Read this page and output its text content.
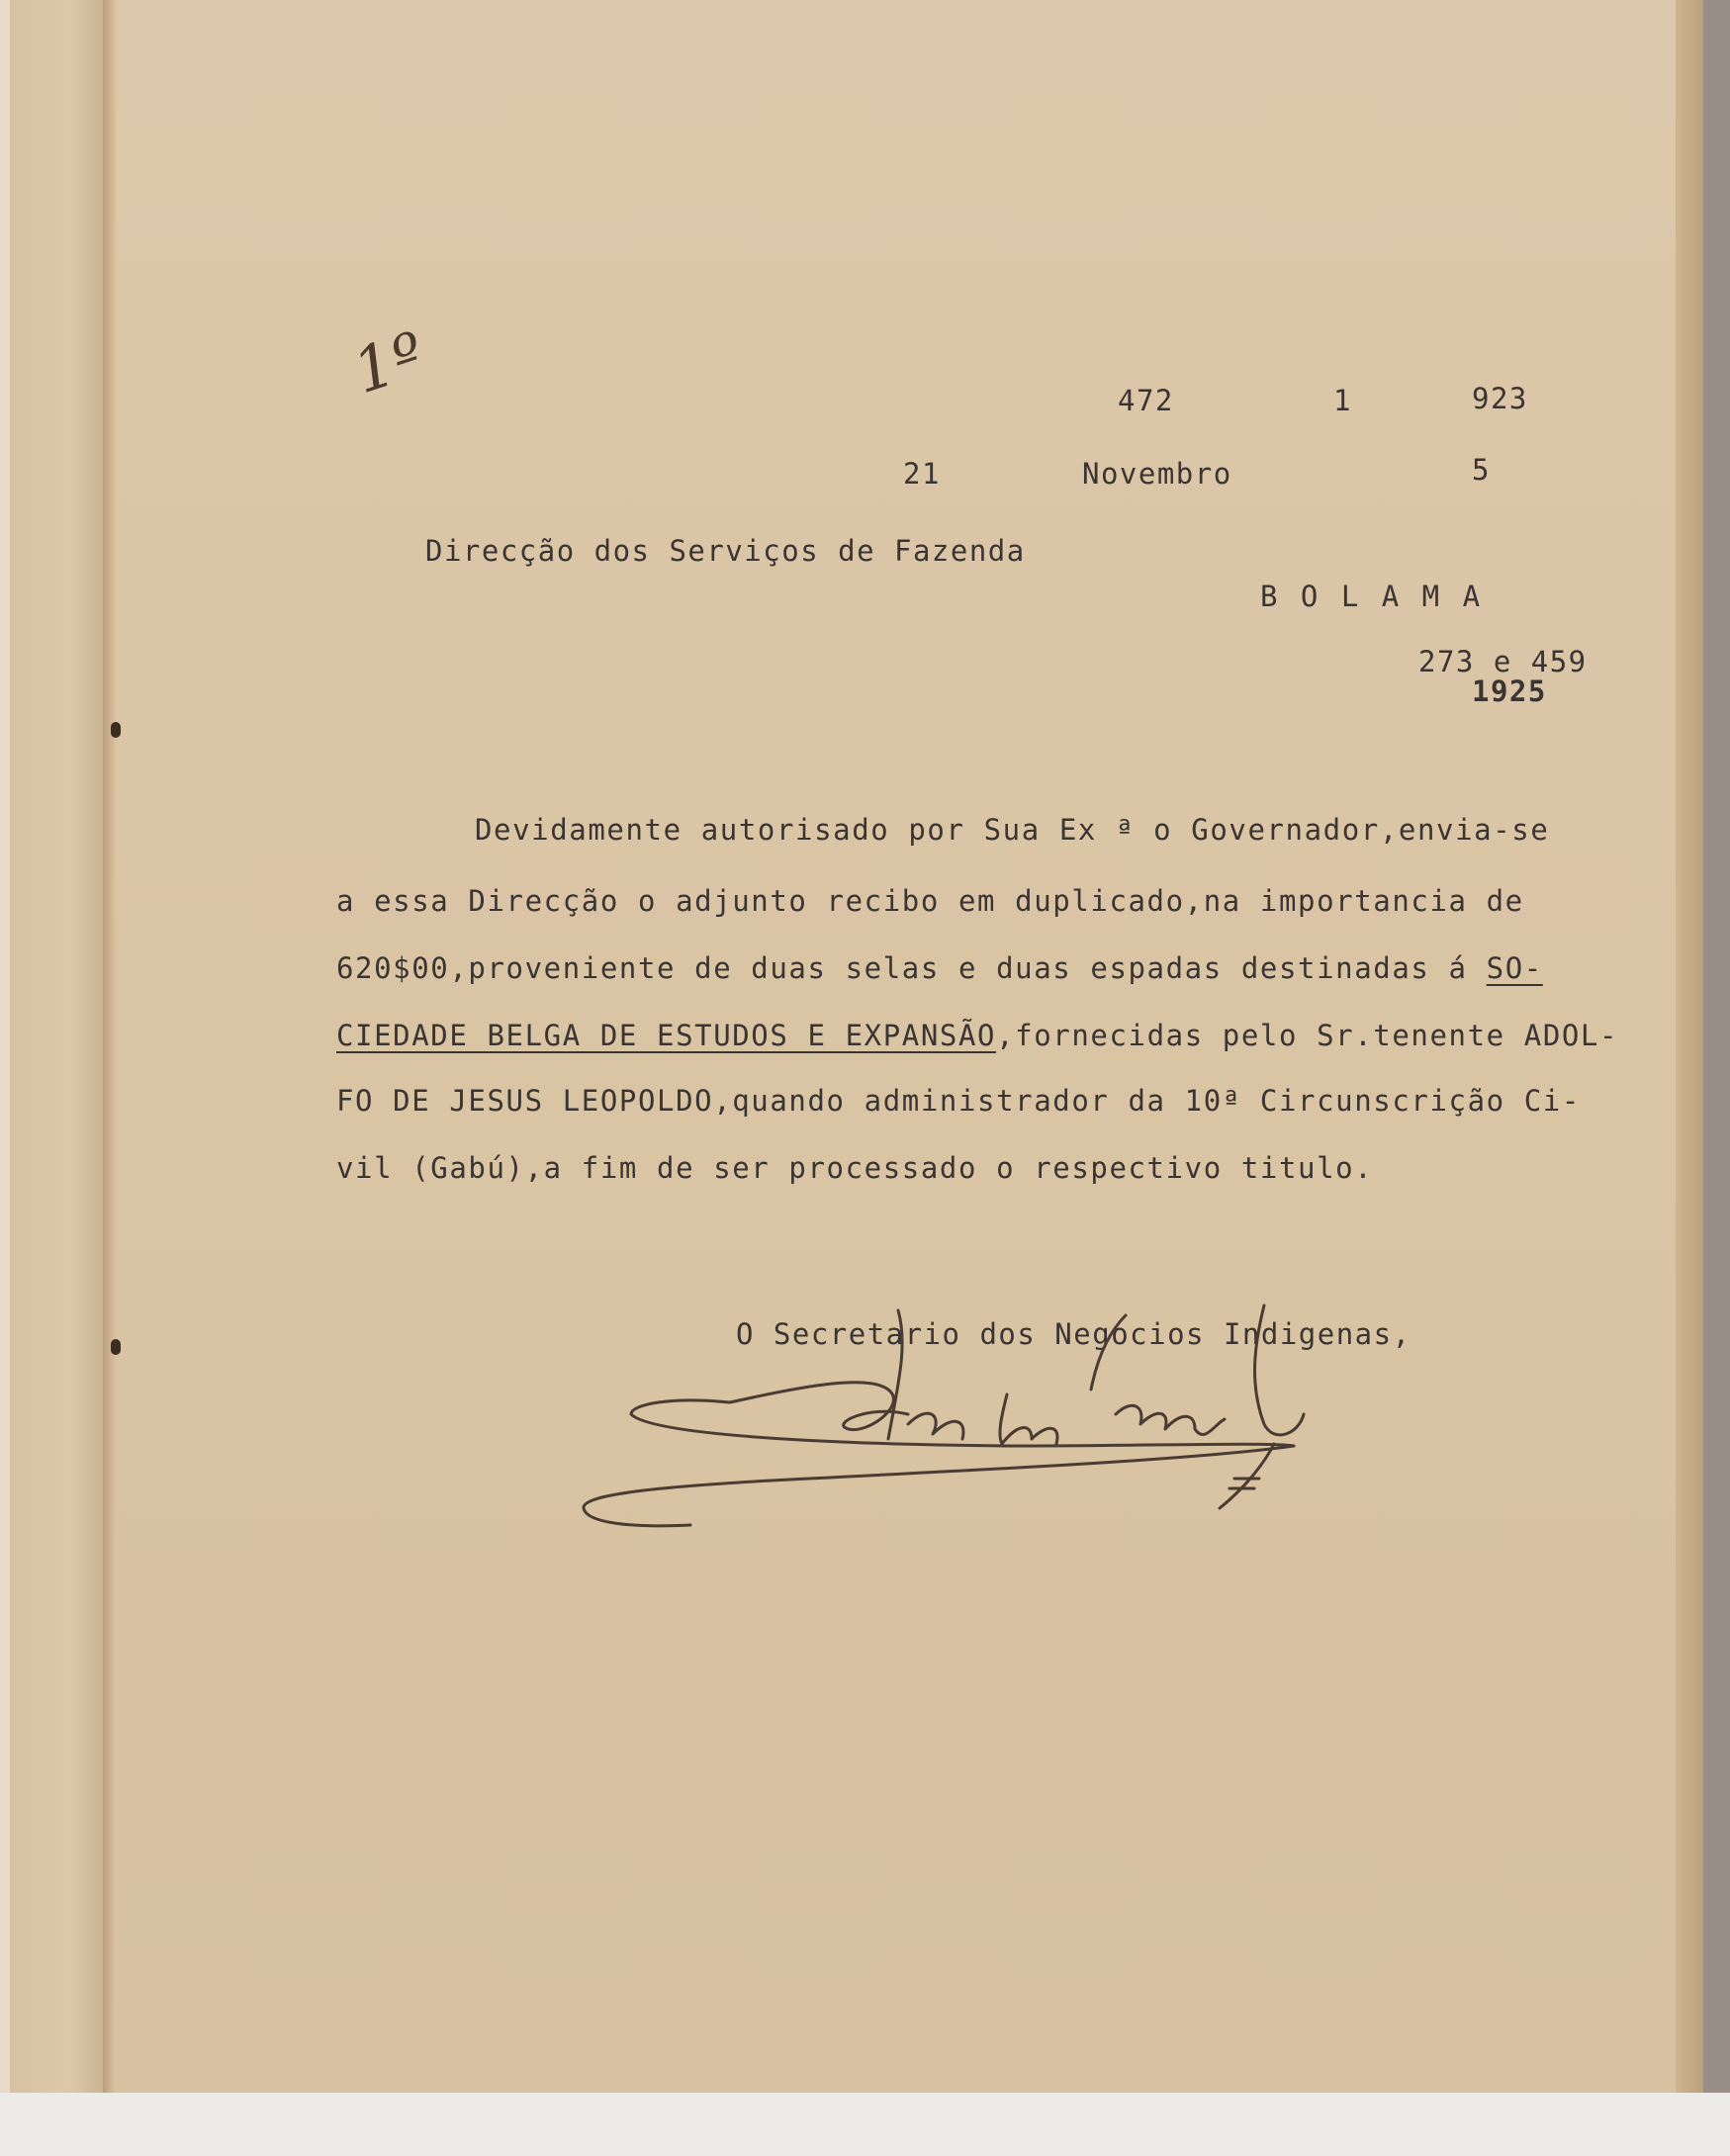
1º	472	1	923
21	Novembro	5
Direcção dos Serviços de Fazenda
B O L A M A
273 e 459
1925
Devidamente autorisado por Sua Ex ª o Governador,envia-se
a essa Direcção o adjunto recibo em duplicado,na importancia de
620$00,proveniente de duas selas e duas espadas destinadas á SO-
CIEDADE BELGA DE ESTUDOS E EXPANSÃO,fornecidas pelo Sr.tenente ADOL-
FO DE JESUS LEOPOLDO,quando administrador da 10ª Circunscrição Ci-
vil (Gabú),a fim de ser processado o respectivo titulo.
O Secretario dos Negocios Indigenas,
